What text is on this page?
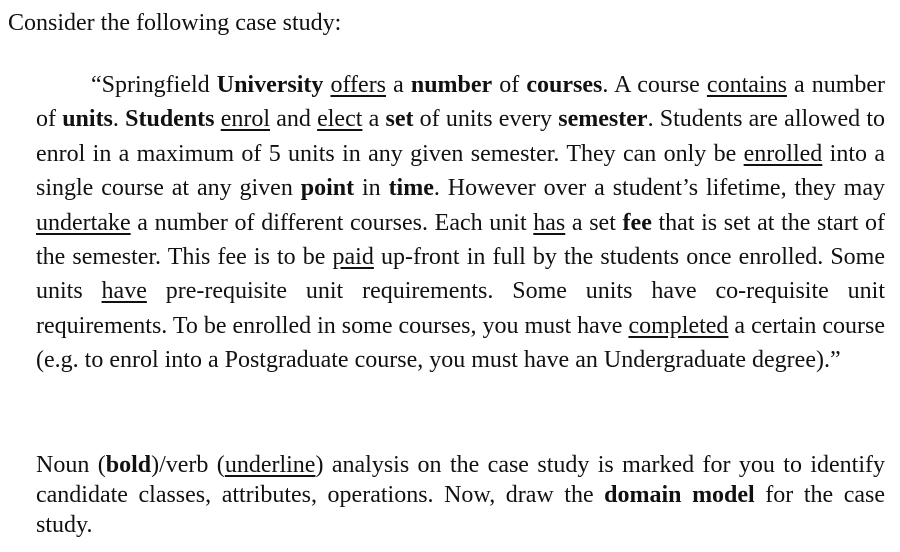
Consider the following case study:
“Springfield University offers a number of courses. A course contains a number of units. Students enrol and elect a set of units every semester. Students are allowed to enrol in a maximum of 5 units in any given semester. They can only be enrolled into a single course at any given point in time. However over a student’s lifetime, they may undertake a number of different courses. Each unit has a set fee that is set at the start of the semester. This fee is to be paid up-front in full by the students once enrolled. Some units have pre-requisite unit requirements. Some units have co-requisite unit requirements. To be enrolled in some courses, you must have completed a certain course (e.g. to enrol into a Postgraduate course, you must have an Undergraduate degree).”
Noun (bold)/verb (underline) analysis on the case study is marked for you to identify candidate classes, attributes, operations. Now, draw the domain model for the case study.
